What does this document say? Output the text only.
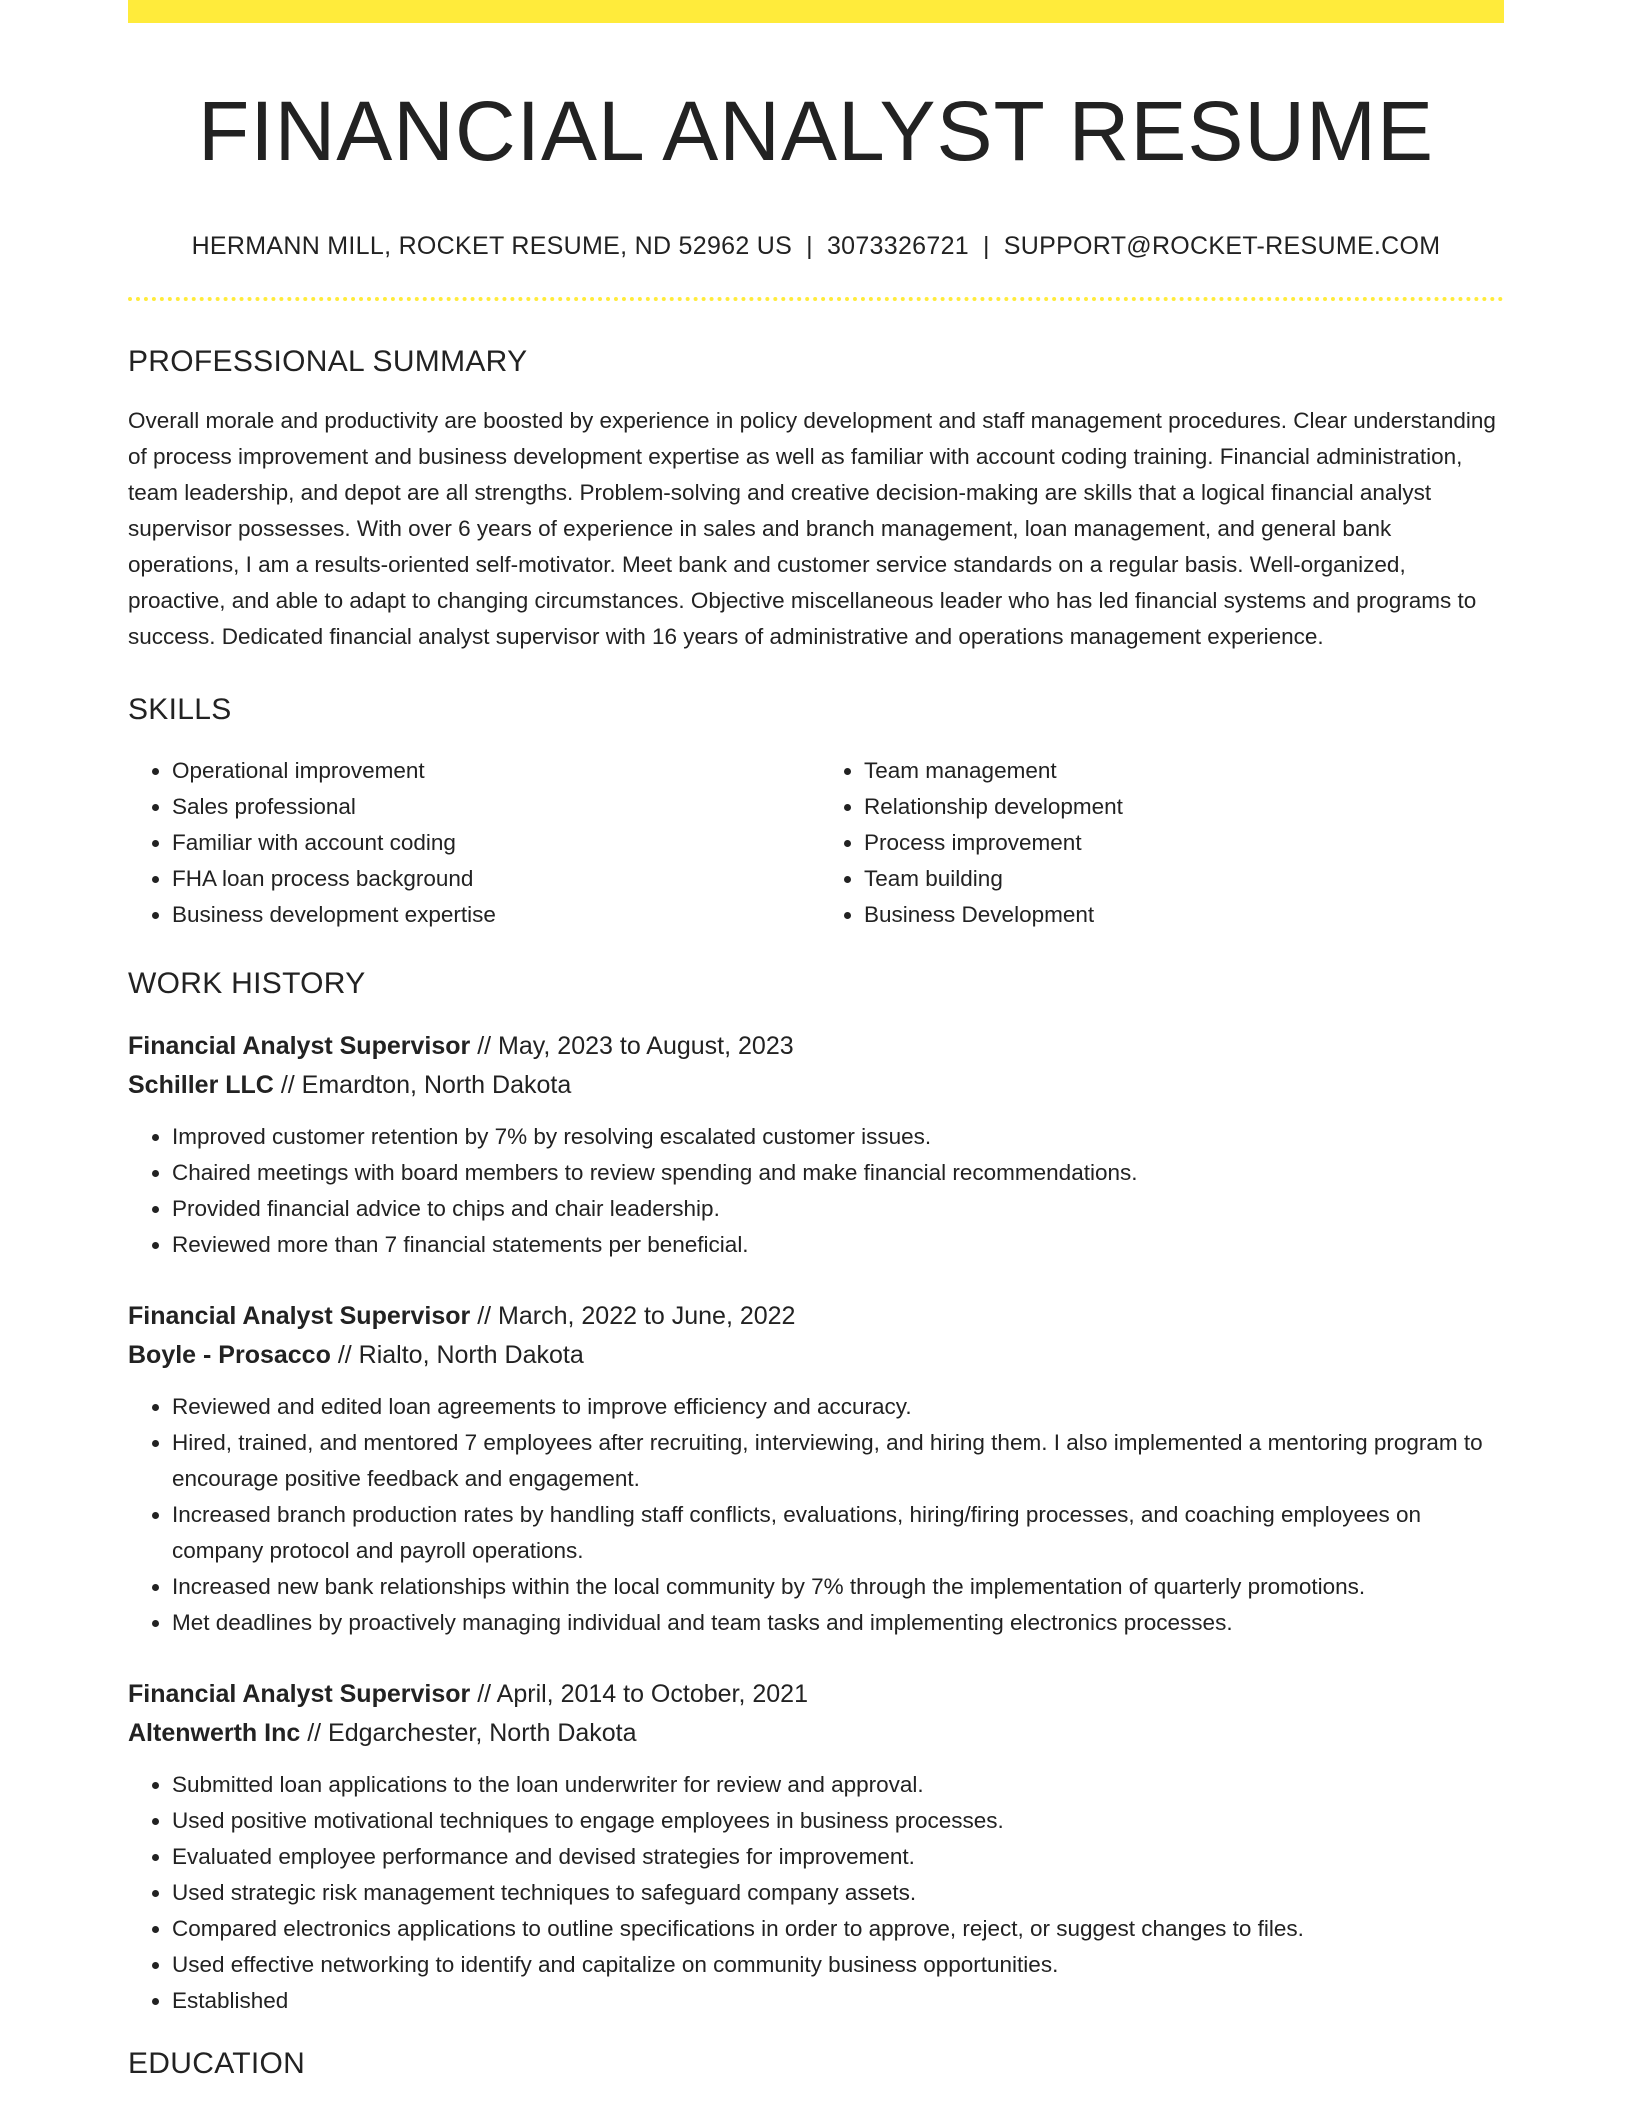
FINANCIAL ANALYST RESUME
HERMANN MILL, ROCKET RESUME, ND 52962 US | 3073326721 | SUPPORT@ROCKET-RESUME.COM
PROFESSIONAL SUMMARY

Overall morale and productivity are boosted by experience in policy development and staff management procedures. Clear understanding of process improvement and business development expertise as well as familiar with account coding training. Financial administration, team leadership, and depot are all strengths. Problem-solving and creative decision-making are skills that a logical financial analyst supervisor possesses. With over 6 years of experience in sales and branch management, loan management, and general bank operations, I am a results-oriented self-motivator. Meet bank and customer service standards on a regular basis. Well-organized, proactive, and able to adapt to changing circumstances. Objective miscellaneous leader who has led financial systems and programs to success. Dedicated financial analyst supervisor with 16 years of administrative and operations management experience.

SKILLS
• Operational improvement
• Sales professional
• Familiar with account coding
• FHA loan process background
• Business development expertise
• Team management
• Relationship development
• Process improvement
• Team building
• Business Development
WORK HISTORY
Financial Analyst Supervisor // May, 2023 to August, 2023
Schiller LLC // Emardton, North Dakota
• Improved customer retention by 7% by resolving escalated customer issues.
• Chaired meetings with board members to review spending and make financial recommendations.
• Provided financial advice to chips and chair leadership.
• Reviewed more than 7 financial statements per beneficial.
Financial Analyst Supervisor // March, 2022 to June, 2022
Boyle - Prosacco // Rialto, North Dakota
• Reviewed and edited loan agreements to improve efficiency and accuracy.
• Hired, trained, and mentored 7 employees after recruiting, interviewing, and hiring them. I also implemented a mentoring program to encourage positive feedback and engagement.
• Increased branch production rates by handling staff conflicts, evaluations, hiring/firing processes, and coaching employees on company protocol and payroll operations.
• Increased new bank relationships within the local community by 7% through the implementation of quarterly promotions.
• Met deadlines by proactively managing individual and team tasks and implementing electronics processes.
Financial Analyst Supervisor // April, 2014 to October, 2021
Altenwerth Inc // Edgarchester, North Dakota
• Submitted loan applications to the loan underwriter for review and approval.
• Used positive motivational techniques to engage employees in business processes.
• Evaluated employee performance and devised strategies for improvement.
• Used strategic risk management techniques to safeguard company assets.
• Compared electronics applications to outline specifications in order to approve, reject, or suggest changes to files.
• Used effective networking to identify and capitalize on community business opportunities.
• Established
EDUCATION
